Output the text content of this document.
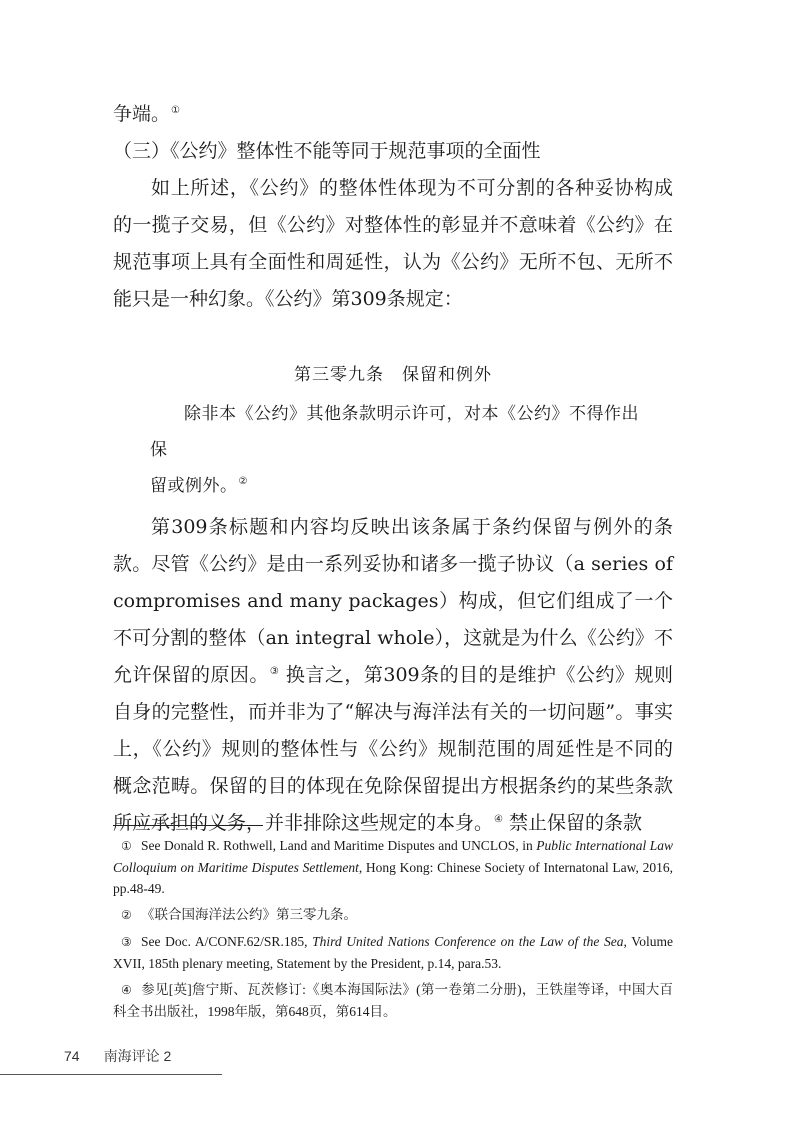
争端。①

（三）《公约》整体性不能等同于规范事项的全面性

如上所述，《公约》的整体性体现为不可分割的各种妥协构成的一揽子交易，但《公约》对整体性的彰显并不意味着《公约》在规范事项上具有全面性和周延性，认为《公约》无所不包、无所不能只是一种幻象。《公约》第309条规定：

第三零九条　保留和例外

除非本《公约》其他条款明示许可，对本《公约》不得作出保
留或例外。②

第309条标题和内容均反映出该条属于条约保留与例外的条款。尽管《公约》是由一系列妥协和诸多一揽子协议（a series of compromises and many packages）构成，但它们组成了一个不可分割的整体（an integral whole），这就是为什么《公约》不允许保留的原因。③ 换言之，第309条的目的是维护《公约》规则自身的完整性，而并非为了“解决与海洋法有关的一切问题”。事实上，《公约》规则的整体性与《公约》规制范围的周延性是不同的概念范畴。保留的目的体现在免除保留提出方根据条约的某些条款所应承担的义务，并非排除这些规定的本身。④ 禁止保留的条款

① See Donald R. Rothwell, Land and Maritime Disputes and UNCLOS, in Public International Law Colloquium on Maritime Disputes Settlement, Hong Kong: Chinese Society of Internatonal Law, 2016, pp.48-49.

② 《联合国海洋法公约》第三零九条。

③ See Doc. A/CONF.62/SR.185, Third United Nations Conference on the Law of the Sea, Volume XVII, 185th plenary meeting, Statement by the President, p.14, para.53.

④ 参见[英]詹宁斯、瓦茨修订:《奥本海国际法》(第一卷第二分册)，王铁崖等译，中国大百科全书出版社，1998年版，第648页，第614目。

74 南海评论 2
